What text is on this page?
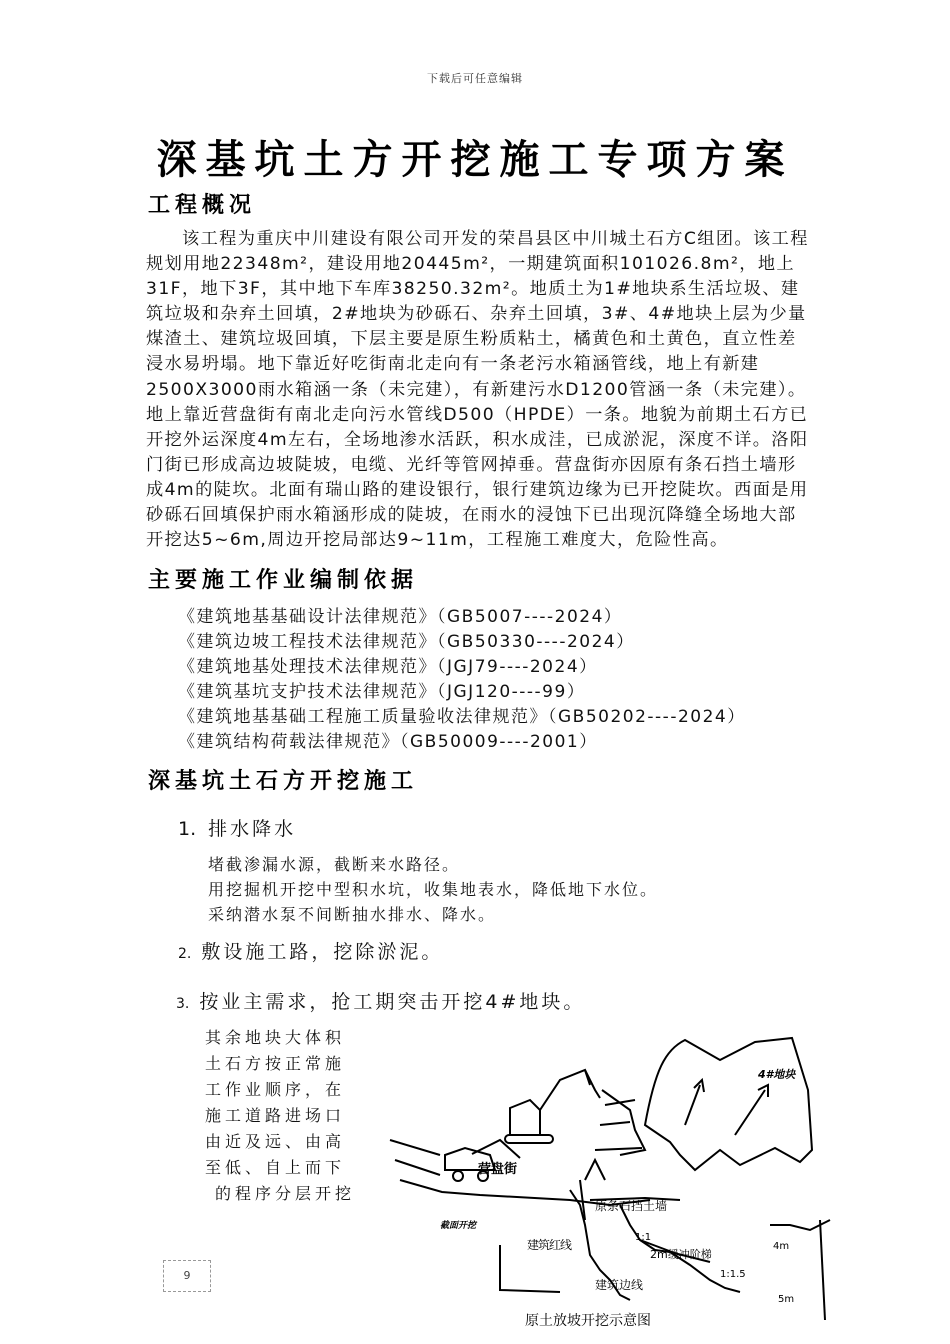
下载后可任意编辑
深基坑土方开挖施工专项方案
工程概况
该工程为重庆中川建设有限公司开发的荣昌县区中川城土石方C组团。该工程规划用地22348m²，建设用地20445m²，一期建筑面积101026.8m²，地上31F，地下3F，其中地下车库38250.32m²。地质土为1#地块系生活垃圾、建筑垃圾和杂弃土回填，2#地块为砂砾石、杂弃土回填，3#、4#地块上层为少量煤渣土、建筑垃圾回填，下层主要是原生粉质粘土，橘黄色和土黄色，直立性差浸水易坍塌。地下靠近好吃街南北走向有一条老污水箱涵管线，地上有新建2500X3000雨水箱涵一条（未完建），有新建污水D1200管涵一条（未完建）。地上靠近营盘街有南北走向污水管线D500（HPDE）一条。地貌为前期土石方已开挖外运深度4m左右，全场地渗水活跃，积水成洼，已成淤泥，深度不详。洛阳门街已形成高边坡陡坡，电缆、光纤等管网掉垂。营盘街亦因原有条石挡土墙形成4m的陡坎。北面有瑞山路的建设银行，银行建筑边缘为已开挖陡坎。西面是用砂砾石回填保护雨水箱涵形成的陡坡，在雨水的浸蚀下已出现沉降缝全场地大部开挖达5~6m,周边开挖局部达9~11m，工程施工难度大，危险性高。
主要施工作业编制依据
《建筑地基基础设计法律规范》（GB5007----2024）
《建筑边坡工程技术法律规范》（GB50330----2024）
《建筑地基处理技术法律规范》（JGJ79----2024）
《建筑基坑支护技术法律规范》（JGJ120----99）
《建筑地基基础工程施工质量验收法律规范》（GB50202----2024）
《建筑结构荷载法律规范》（GB50009----2001）
深基坑土石方开挖施工
1. 排水降水
堵截渗漏水源，截断来水路径。
用挖掘机开挖中型积水坑，收集地表水，降低地下水位。
采纳潜水泵不间断抽水排水、降水。
2. 敷设施工路，挖除淤泥。
3. 按业主需求，抢工期突击开挖4#地块。
其余地块大体积
土石方按正常施
工作业顺序，在
施工道路进场口
由近及远、由高
至低、自上而下
的程序分层开挖
4#地块
营盘街
原条石挡土墙
截面开挖
建筑红线
1:1
2m缓冲阶梯
1:1.5
建筑边线
4m
5m
原土放坡开挖示意图
9
